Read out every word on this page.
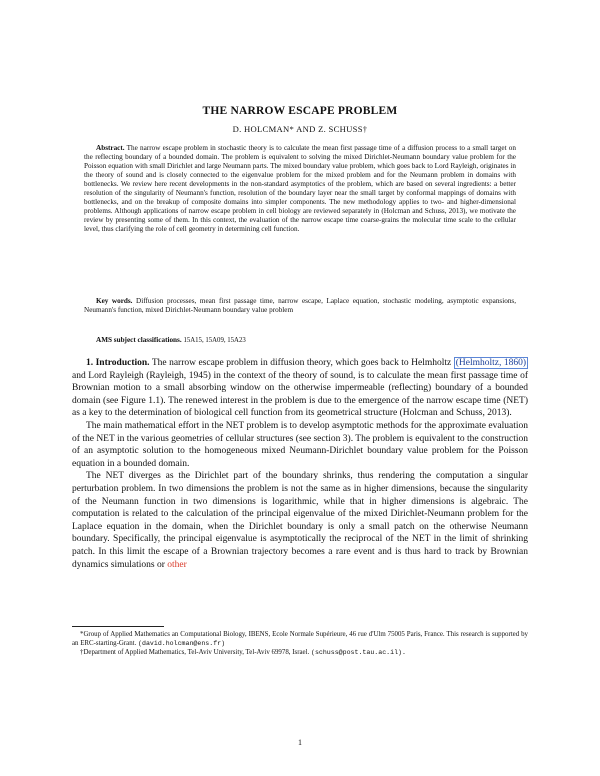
THE NARROW ESCAPE PROBLEM
D. HOLCMAN* AND Z. SCHUSS†

Abstract. The narrow escape problem in stochastic theory is to calculate the mean first passage time of a diffusion process to a small target on the reflecting boundary of a bounded domain. The problem is equivalent to solving the mixed Dirichlet-Neumann boundary value problem for the Poisson equation with small Dirichlet and large Neumann parts. The mixed boundary value problem, which goes back to Lord Rayleigh, originates in the theory of sound and is closely connected to the eigenvalue problem for the mixed problem and for the Neumann problem in domains with bottlenecks. We review here recent developments in the non-standard asymptotics of the problem, which are based on several ingredients: a better resolution of the singularity of Neumann's function, resolution of the boundary layer near the small target by conformal mappings of domains with bottlenecks, and on the breakup of composite domains into simpler components. The new methodology applies to two- and higher-dimensional problems. Although applications of narrow escape problem in cell biology are reviewed separately in (Holcman and Schuss, 2013), we motivate the review by presenting some of them. In this context, the evaluation of the narrow escape time coarse-grains the molecular time scale to the cellular level, thus clarifying the role of cell geometry in determining cell function.

Key words. Diffusion processes, mean first passage time, narrow escape, Laplace equation, stochastic modeling, asymptotic expansions, Neumann's function, mixed Dirichlet-Neumann boundary value problem

AMS subject classifications. 15A15, 15A09, 15A23

1. Introduction. The narrow escape problem in diffusion theory, which goes back to Helmholtz (Helmholtz, 1860) and Lord Rayleigh (Rayleigh, 1945) in the context of the theory of sound, is to calculate the mean first passage time of Brownian motion to a small absorbing window on the otherwise impermeable (reflecting) boundary of a bounded domain (see Figure 1.1). The renewed interest in the problem is due to the emergence of the narrow escape time (NET) as a key to the determination of biological cell function from its geometrical structure (Holcman and Schuss, 2013).

The main mathematical effort in the NET problem is to develop asymptotic methods for the approximate evaluation of the NET in the various geometries of cellular structures (see section 3). The problem is equivalent to the construction of an asymptotic solution to the homogeneous mixed Neumann-Dirichlet boundary value problem for the Poisson equation in a bounded domain.

The NET diverges as the Dirichlet part of the boundary shrinks, thus rendering the computation a singular perturbation problem. In two dimensions the problem is not the same as in higher dimensions, because the singularity of the Neumann function in two dimensions is logarithmic, while that in higher dimensions is algebraic. The computation is related to the calculation of the principal eigenvalue of the mixed Dirichlet-Neumann problem for the Laplace equation in the domain, when the Dirichlet boundary is only a small patch on the otherwise Neumann boundary. Specifically, the principal eigenvalue is asymptotically the reciprocal of the NET in the limit of shrinking patch. In this limit the escape of a Brownian trajectory becomes a rare event and is thus hard to track by Brownian dynamics simulations or other

*Group of Applied Mathematics an Computational Biology, IBENS, Ecole Normale Supérieure, 46 rue d'Ulm 75005 Paris, France. This research is supported by an ERC-starting-Grant. (david.holcman@ens.fr)

†Department of Applied Mathematics, Tel-Aviv University, Tel-Aviv 69978, Israel. (schuss@post.tau.ac.il).

1
